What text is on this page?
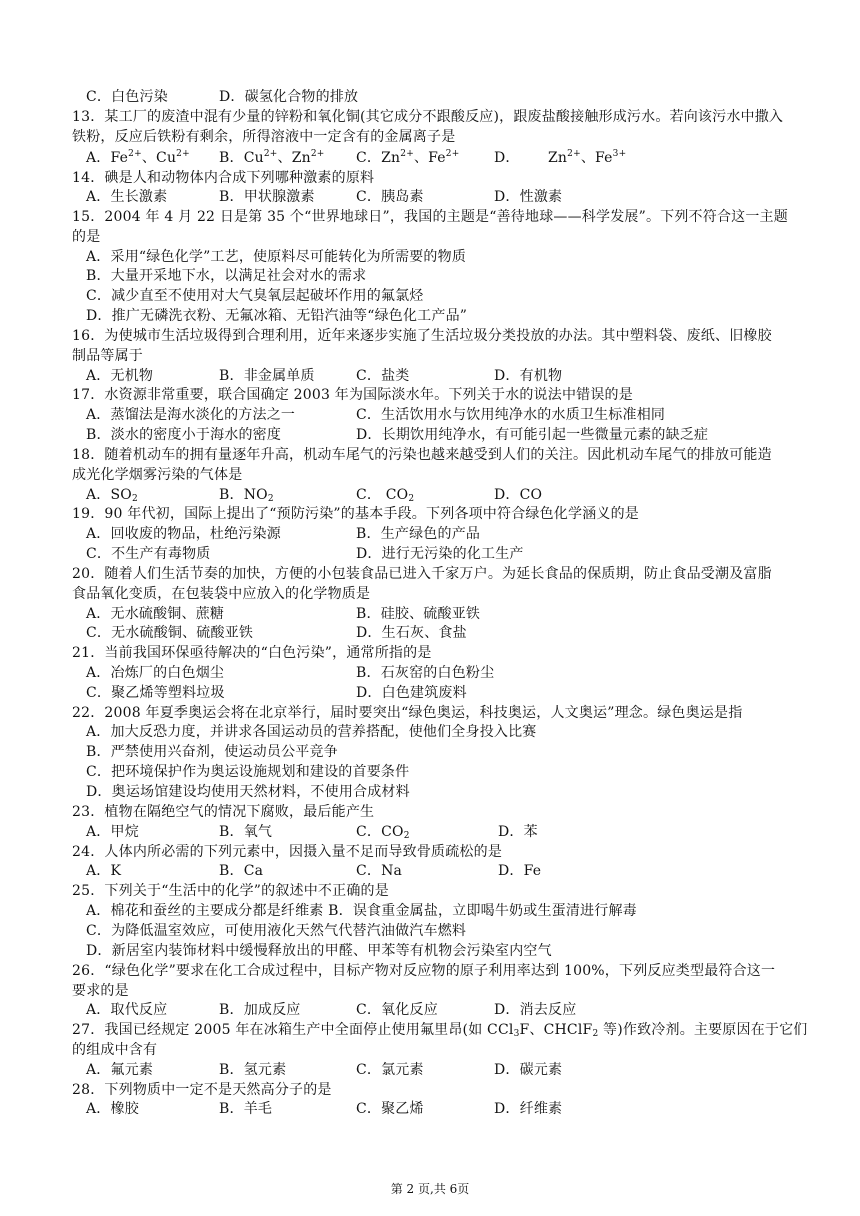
C．白色污染	D．碳氢化合物的排放
13．某工厂的废渣中混有少量的锌粉和氧化铜(其它成分不跟酸反应)，跟废盐酸接触形成污水。若向该污水中撒入
铁粉，反应后铁粉有剩余，所得溶液中一定含有的金属离子是
A．$Fe^{2+}$、$Cu^{2+}$ B．$Cu^{2+}$、$Zn^{2+}$ C．$Zn^{2+}$、$Fe^{2+}$ D． $Zn^{2+}$、$Fe^{3+}$
14．碘是人和动物体内合成下列哪种激素的原料
A．生长激素	B．甲状腺激素	C．胰岛素	D．性激素
15．2004 年 4 月 22 日是第 35 个“世界地球日”，我国的主题是“善待地球——科学发展”。下列不符合这一主题
的是
A．采用“绿色化学”工艺，使原料尽可能转化为所需要的物质
B．大量开采地下水，以满足社会对水的需求
C．减少直至不使用对大气臭氧层起破坏作用的氟氯烃
D．推广无磷洗衣粉、无氟冰箱、无铅汽油等“绿色化工产品”
16．为使城市生活垃圾得到合理利用，近年来逐步实施了生活垃圾分类投放的办法。其中塑料袋、废纸、旧橡胶
制品等属于
A．无机物	B．非金属单质	C．盐类	D．有机物
17．水资源非常重要，联合国确定 2003 年为国际淡水年。下列关于水的说法中错误的是
A．蒸馏法是海水淡化的方法之一	C．生活饮用水与饮用纯净水的水质卫生标准相同
B．淡水的密度小于海水的密度	D．长期饮用纯净水，有可能引起一些微量元素的缺乏症
18．随着机动车的拥有量逐年升高，机动车尾气的污染也越来越受到人们的关注。因此机动车尾气的排放可能造
成光化学烟雾污染的气体是
A．$SO_2$	B．$NO_2$	C． $CO_2$	D．CO
19．90 年代初，国际上提出了“预防污染”的基本手段。下列各项中符合绿色化学涵义的是
A．回收废的物品，杜绝污染源	B．生产绿色的产品
C．不生产有毒物质	D．进行无污染的化工生产
20．随着人们生活节奏的加快，方便的小包装食品已进入千家万户。为延长食品的保质期，防止食品受潮及富脂
食品氧化变质，在包装袋中应放入的化学物质是
A．无水硫酸铜、蔗糖	B．硅胶、硫酸亚铁
C．无水硫酸铜、硫酸亚铁	D．生石灰、食盐
21．当前我国环保亟待解决的“白色污染”，通常所指的是
A．冶炼厂的白色烟尘	B．石灰窑的白色粉尘
C．聚乙烯等塑料垃圾	D．白色建筑废料
22．2008 年夏季奥运会将在北京举行，届时要突出“绿色奥运，科技奥运，人文奥运”理念。绿色奥运是指
A．加大反恐力度，并讲求各国运动员的营养搭配，使他们全身投入比赛
B．严禁使用兴奋剂，使运动员公平竞争
C．把环境保护作为奥运设施规划和建设的首要条件
D．奥运场馆建设均使用天然材料，不使用合成材料
23．植物在隔绝空气的情况下腐败，最后能产生
A．甲烷	B．氧气	C．$CO_2$	D．苯
24．人体内所必需的下列元素中，因摄入量不足而导致骨质疏松的是
A．K	B．Ca	C．Na	D．Fe
25．下列关于“生活中的化学”的叙述中不正确的是
A．棉花和蚕丝的主要成分都是纤维素 B．误食重金属盐，立即喝牛奶或生蛋清进行解毒
C．为降低温室效应，可使用液化天然气代替汽油做汽车燃料
D．新居室内装饰材料中缓慢释放出的甲醛、甲苯等有机物会污染室内空气
26．“绿色化学”要求在化工合成过程中，目标产物对反应物的原子利用率达到 100%，下列反应类型最符合这一
要求的是
A．取代反应	B．加成反应	C．氧化反应	D．消去反应
27．我国已经规定 2005 年在冰箱生产中全面停止使用氟里昂(如 CCl$_3$F、CHClF$_2$ 等)作致冷剂。主要原因在于它们
的组成中含有
A．氟元素	B．氢元素	C．氯元素	D．碳元素
28．下列物质中一定不是天然高分子的是
A．橡胶	B．羊毛	C．聚乙烯	D．纤维素
第 2 页,共 6页
